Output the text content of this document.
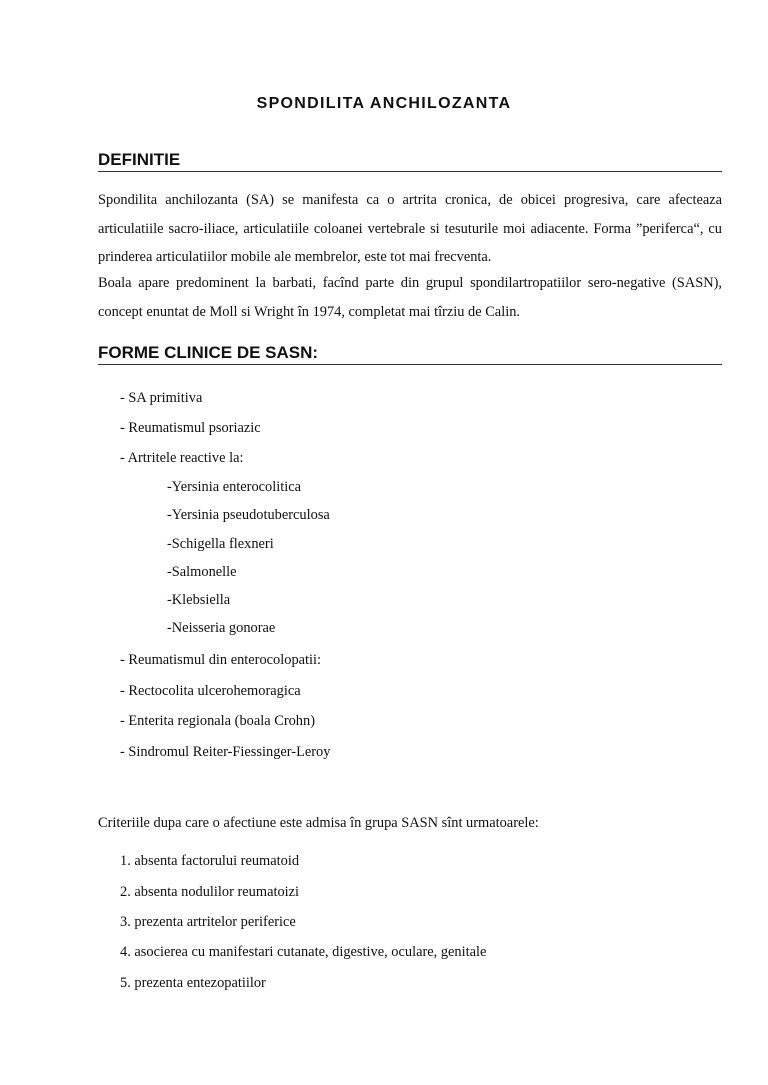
SPONDILITA ANCHILOZANTA
DEFINITIE

Spondilita anchilozanta (SA) se manifesta ca o artrita cronica, de obicei progresiva, care afecteaza articulatiile sacro-iliace, articulatiile coloanei vertebrale si tesuturile moi adiacente. Forma ”periferca“, cu prinderea articulatiilor mobile ale membrelor, este tot mai frecventa.

Boala apare predominent la barbati, facînd parte din grupul spondilartropatiilor sero-negative (SASN), concept enuntat de Moll si Wright în 1974, completat mai tîrziu de Calin.

FORME CLINICE DE SASN:

- SA primitiva

- Reumatismul psoriazic

- Artritele reactive la:

-Yersinia enterocolitica

-Yersinia pseudotuberculosa

-Schigella flexneri

-Salmonelle

-Klebsiella

-Neisseria gonorae

- Reumatismul din enterocolopatii:

- Rectocolita ulcerohemoragica

- Enterita regionala (boala Crohn)

- Sindromul Reiter-Fiessinger-Leroy

Criteriile dupa care o afectiune este admisa în grupa SASN sînt urmatoarele:

1. absenta factorului reumatoid

2. absenta nodulilor reumatoizi

3. prezenta artritelor periferice

4. asocierea cu manifestari cutanate, digestive, oculare, genitale

5. prezenta entezopatiilor
